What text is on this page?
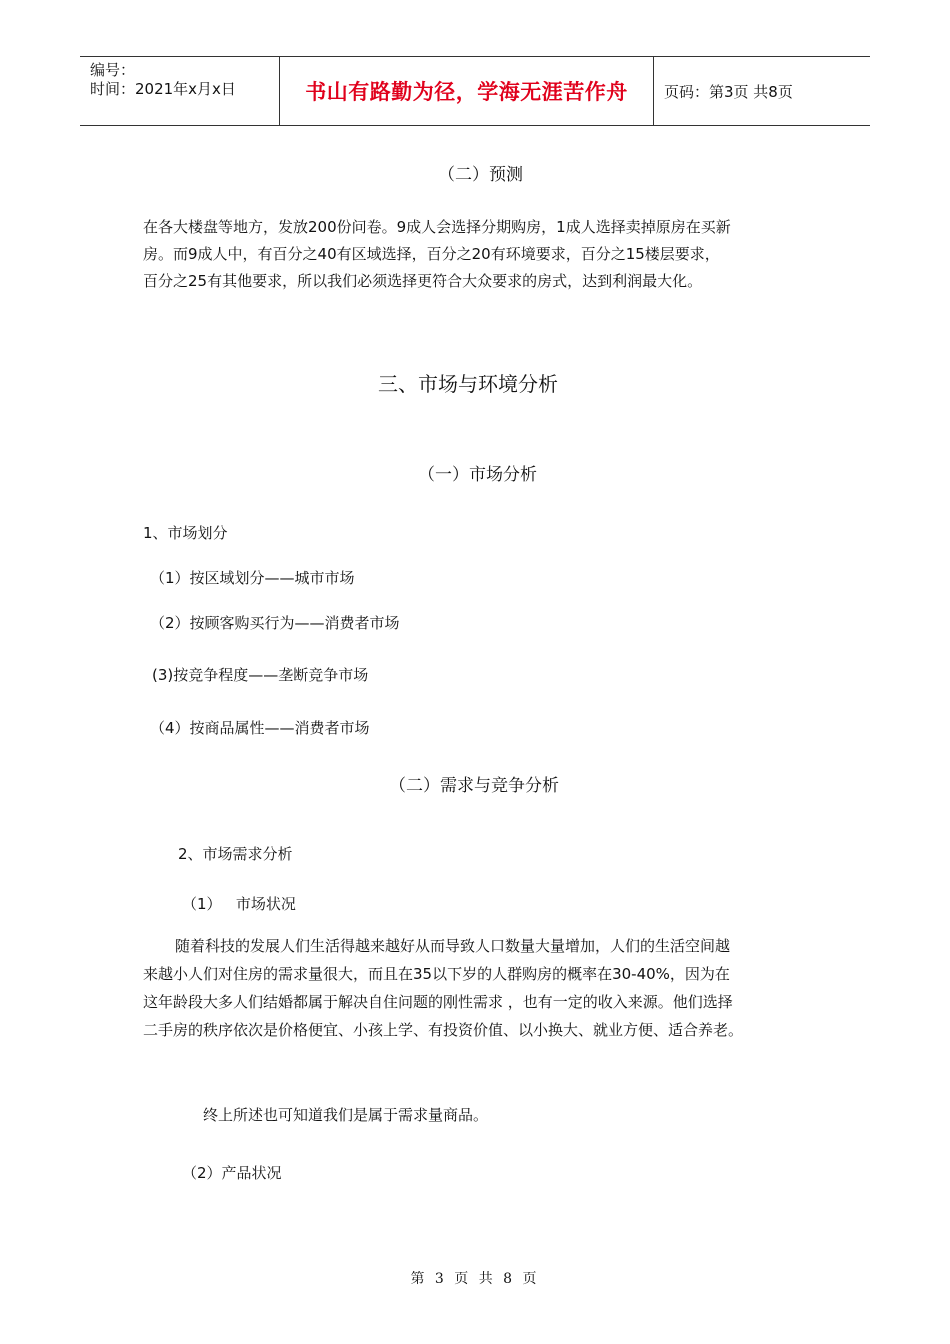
编号：
时间：2021年x月x日	书山有路勤为径，学海无涯苦作舟	页码：第3页 共8页
（二）预测
在各大楼盘等地方，发放200份问卷。9成人会选择分期购房，1成人选择卖掉原房在买新
房。而9成人中，有百分之40有区域选择，百分之20有环境要求，百分之15楼层要求，
百分之25有其他要求，所以我们必须选择更符合大众要求的房式，达到利润最大化。
三、市场与环境分析
（一）市场分析
1、市场划分
（1）按区域划分——城市市场
（2）按顾客购买行为——消费者市场
(3)按竞争程度——垄断竞争市场
（4）按商品属性——消费者市场
（二）需求与竞争分析
2、市场需求分析
（1）   市场状况
随着科技的发展人们生活得越来越好从而导致人口数量大量增加，人们的生活空间越
来越小人们对住房的需求量很大，而且在35以下岁的人群购房的概率在30-40%，因为在
这年龄段大多人们结婚都属于解决自住问题的刚性需求 ，也有一定的收入来源。他们选择
二手房的秩序依次是价格便宜、小孩上学、有投资价值、以小换大、就业方便、适合养老。
终上所述也可知道我们是属于需求量商品。
（2）产品状况
第 3 页 共 8 页
